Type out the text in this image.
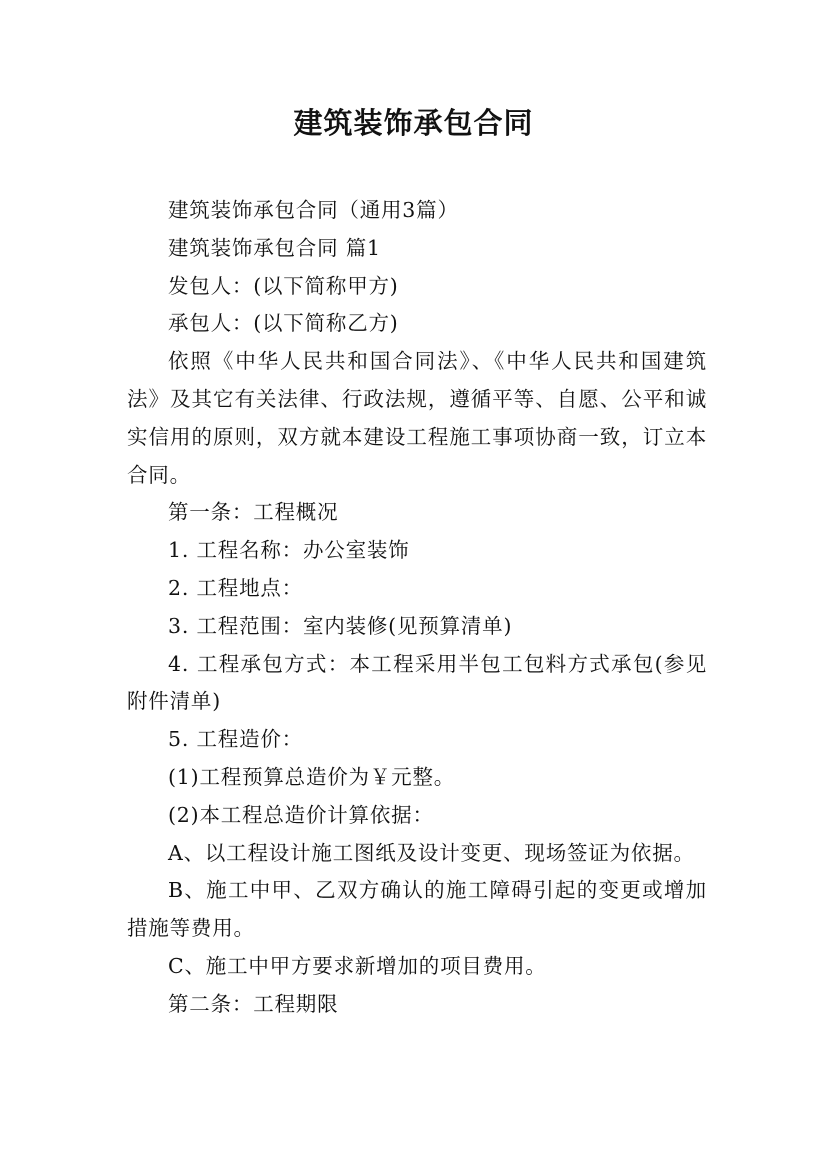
建筑装饰承包合同

建筑装饰承包合同（通用3篇）

建筑装饰承包合同 篇1

发包人：(以下简称甲方)

承包人：(以下简称乙方)

依照《中华人民共和国合同法》、《中华人民共和国建筑法》及其它有关法律、行政法规，遵循平等、自愿、公平和诚实信用的原则，双方就本建设工程施工事项协商一致，订立本合同。

第一条：工程概况

1. 工程名称：办公室装饰

2. 工程地点：

3. 工程范围：室内装修(见预算清单)

4. 工程承包方式：本工程采用半包工包料方式承包(参见附件清单)

5. 工程造价：

(1)工程预算总造价为￥元整。

(2)本工程总造价计算依据：

A、以工程设计施工图纸及设计变更、现场签证为依据。

B、施工中甲、乙双方确认的施工障碍引起的变更或增加措施等费用。

C、施工中甲方要求新增加的项目费用。

第二条：工程期限
